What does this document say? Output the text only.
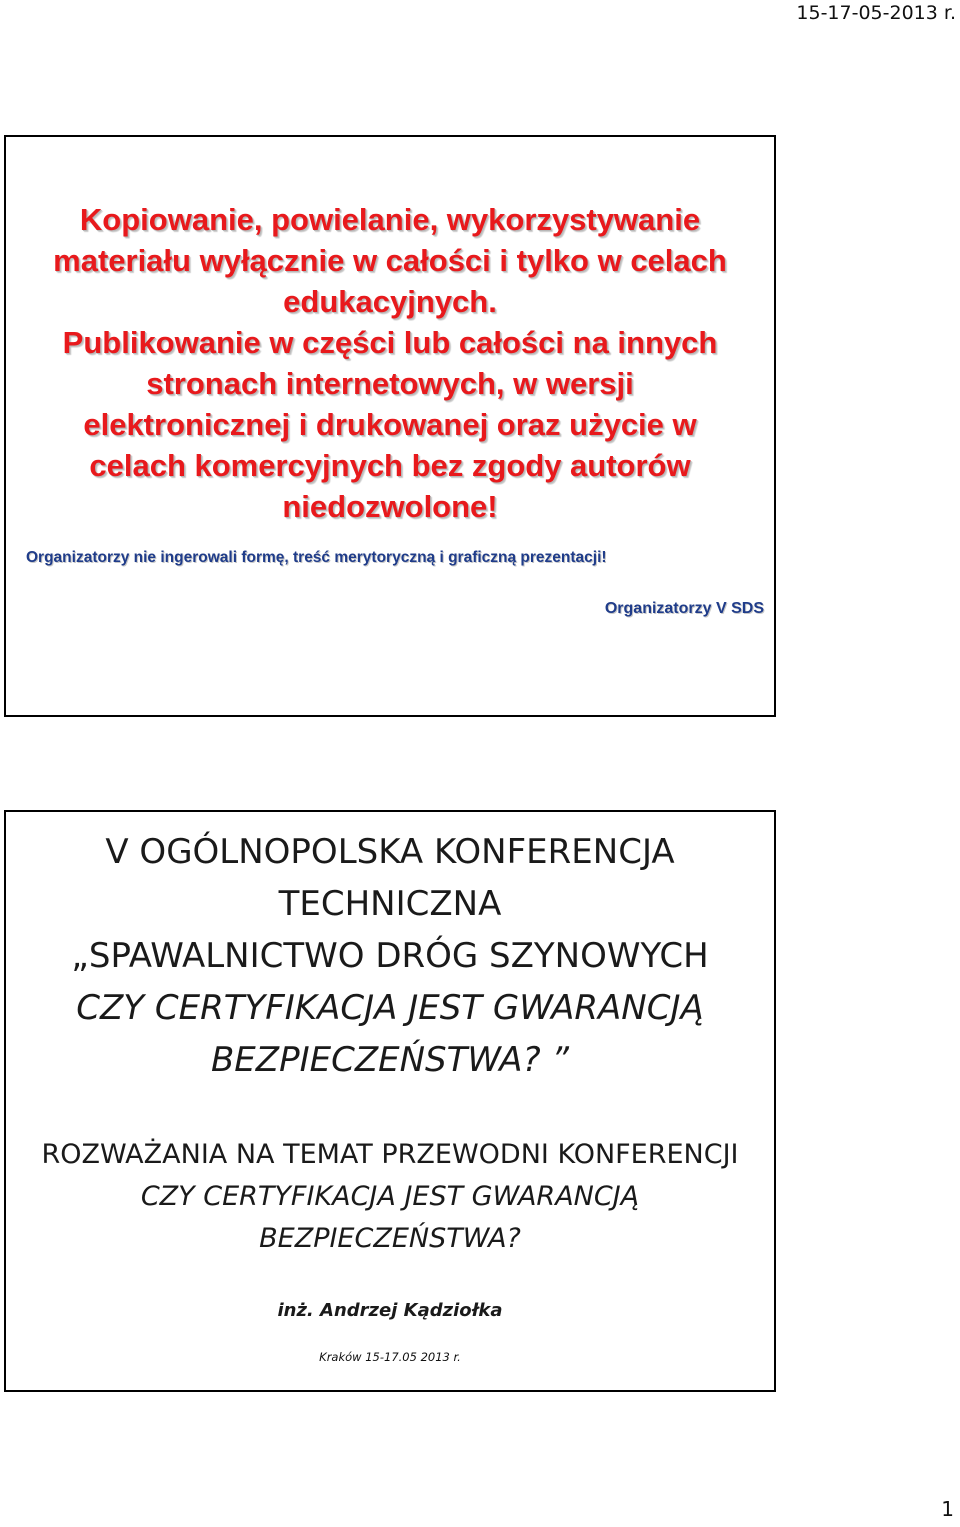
15-17-05-2013 r.
Kopiowanie, powielanie, wykorzystywanie
materiału wyłącznie w całości i tylko w celach
edukacyjnych.
Publikowanie w części lub całości na innych
stronach internetowych, w wersji
elektronicznej i drukowanej oraz użycie w
celach komercyjnych bez zgody autorów
niedozwolone!
Organizatorzy nie ingerowali formę, treść merytoryczną i graficzną prezentacji!
Organizatorzy V SDS
V OGÓLNOPOLSKA KONFERENCJA
TECHNICZNA
„SPAWALNICTWO DRÓG SZYNOWYCH
CZY CERTYFIKACJA JEST GWARANCJĄ
BEZPIECZEŃSTWA? ”
ROZWAŻANIA NA TEMAT PRZEWODNI KONFERENCJI
CZY CERTYFIKACJA JEST GWARANCJĄ
BEZPIECZEŃSTWA?
inż. Andrzej Kądziołka
Kraków 15-17.05 2013 r.
1
